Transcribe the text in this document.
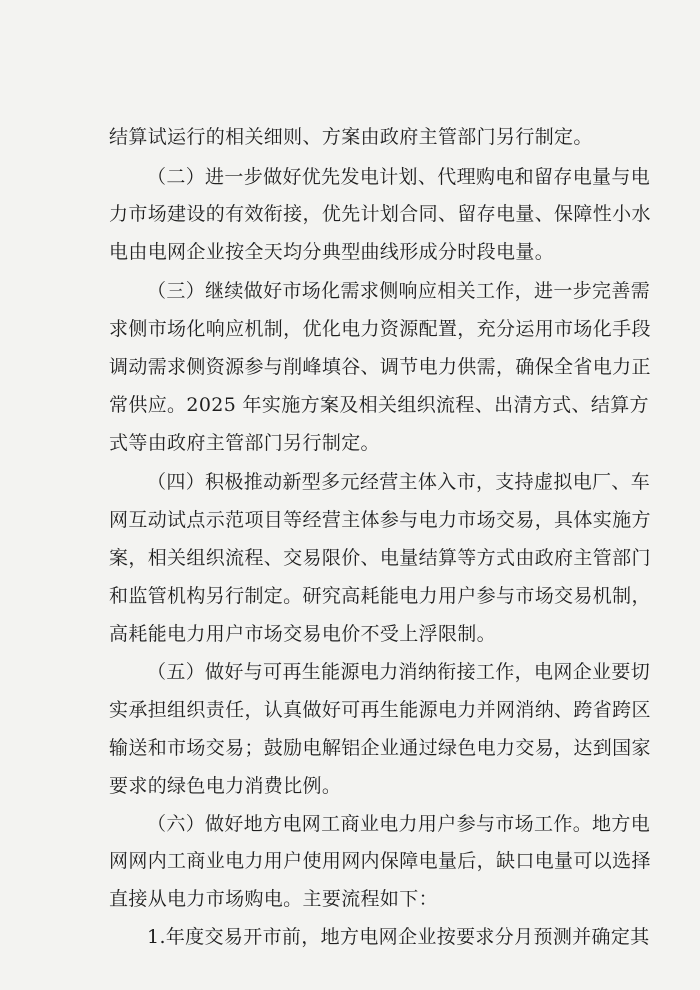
结算试运行的相关细则、方案由政府主管部门另行制定。
（二）进一步做好优先发电计划、代理购电和留存电量与电
力市场建设的有效衔接，优先计划合同、留存电量、保障性小水
电由电网企业按全天均分典型曲线形成分时段电量。
（三）继续做好市场化需求侧响应相关工作，进一步完善需
求侧市场化响应机制，优化电力资源配置，充分运用市场化手段
调动需求侧资源参与削峰填谷、调节电力供需，确保全省电力正
常供应。2025 年实施方案及相关组织流程、出清方式、结算方
式等由政府主管部门另行制定。
（四）积极推动新型多元经营主体入市，支持虚拟电厂、车
网互动试点示范项目等经营主体参与电力市场交易，具体实施方
案，相关组织流程、交易限价、电量结算等方式由政府主管部门
和监管机构另行制定。研究高耗能电力用户参与市场交易机制，
高耗能电力用户市场交易电价不受上浮限制。
（五）做好与可再生能源电力消纳衔接工作，电网企业要切
实承担组织责任，认真做好可再生能源电力并网消纳、跨省跨区
输送和市场交易；鼓励电解铝企业通过绿色电力交易，达到国家
要求的绿色电力消费比例。
（六）做好地方电网工商业电力用户参与市场工作。地方电
网网内工商业电力用户使用网内保障电量后，缺口电量可以选择
直接从电力市场购电。主要流程如下：
1.年度交易开市前，地方电网企业按要求分月预测并确定其
